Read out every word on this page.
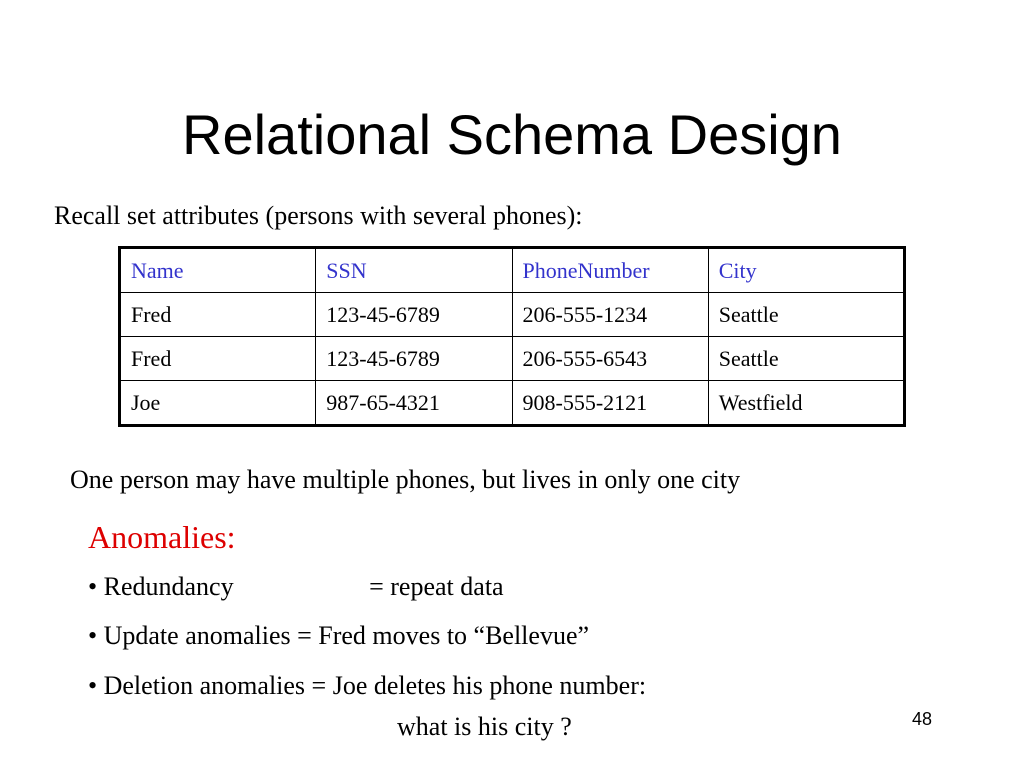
Relational Schema Design
Recall set attributes (persons with several phones):
Name	SSN	PhoneNumber	City
Fred	123-45-6789	206-555-1234	Seattle
Fred	123-45-6789	206-555-6543	Seattle
Joe	987-65-4321	908-555-2121	Westfield
One person may have multiple phones, but lives in only one city
Anomalies:
• Redundancy	= repeat data
• Update anomalies = Fred moves to “Bellevue”
• Deletion anomalies = Joe deletes his phone number:
what is his city ?	48
